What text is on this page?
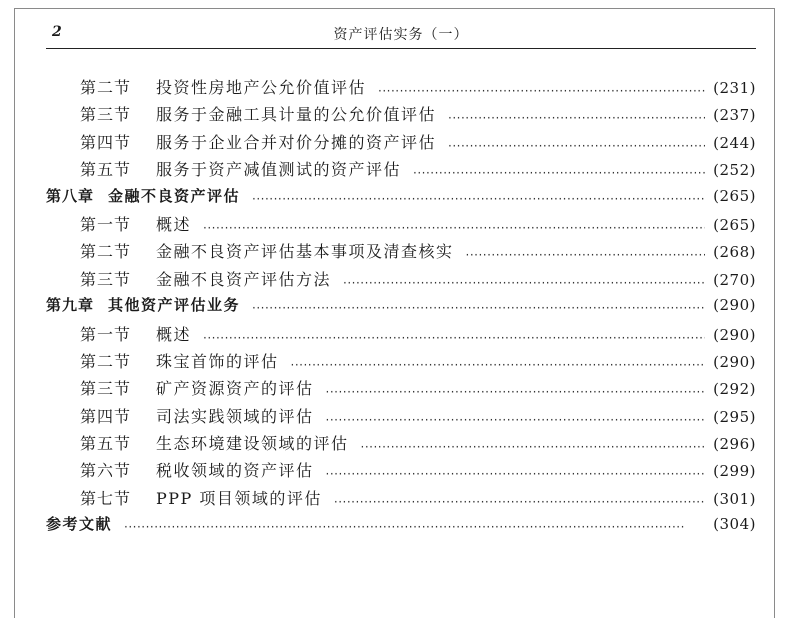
2	资产评估实务（一）
第二节	投资性房地产公允价值评估 ·····	(231)
第三节	服务于金融工具计量的公允价值评估 ·····	(237)
第四节	服务于企业合并对价分摊的资产评估 ·····	(244)
第五节	服务于资产减值测试的资产评估 ·····	(252)
第八章 金融不良资产评估 ·····	(265)
第一节	概述 ·····	(265)
第二节	金融不良资产评估基本事项及清查核实 ·····	(268)
第三节	金融不良资产评估方法 ·····	(270)
第九章 其他资产评估业务 ·····	(290)
第一节	概述 ·····	(290)
第二节	珠宝首饰的评估 ·····	(290)
第三节	矿产资源资产的评估 ·····	(292)
第四节	司法实践领域的评估 ·····	(295)
第五节	生态环境建设领域的评估 ·····	(296)
第六节	税收领域的资产评估 ·····	(299)
第七节	PPP 项目领域的评估 ·····	(301)
参考文献 ·····	(304)
